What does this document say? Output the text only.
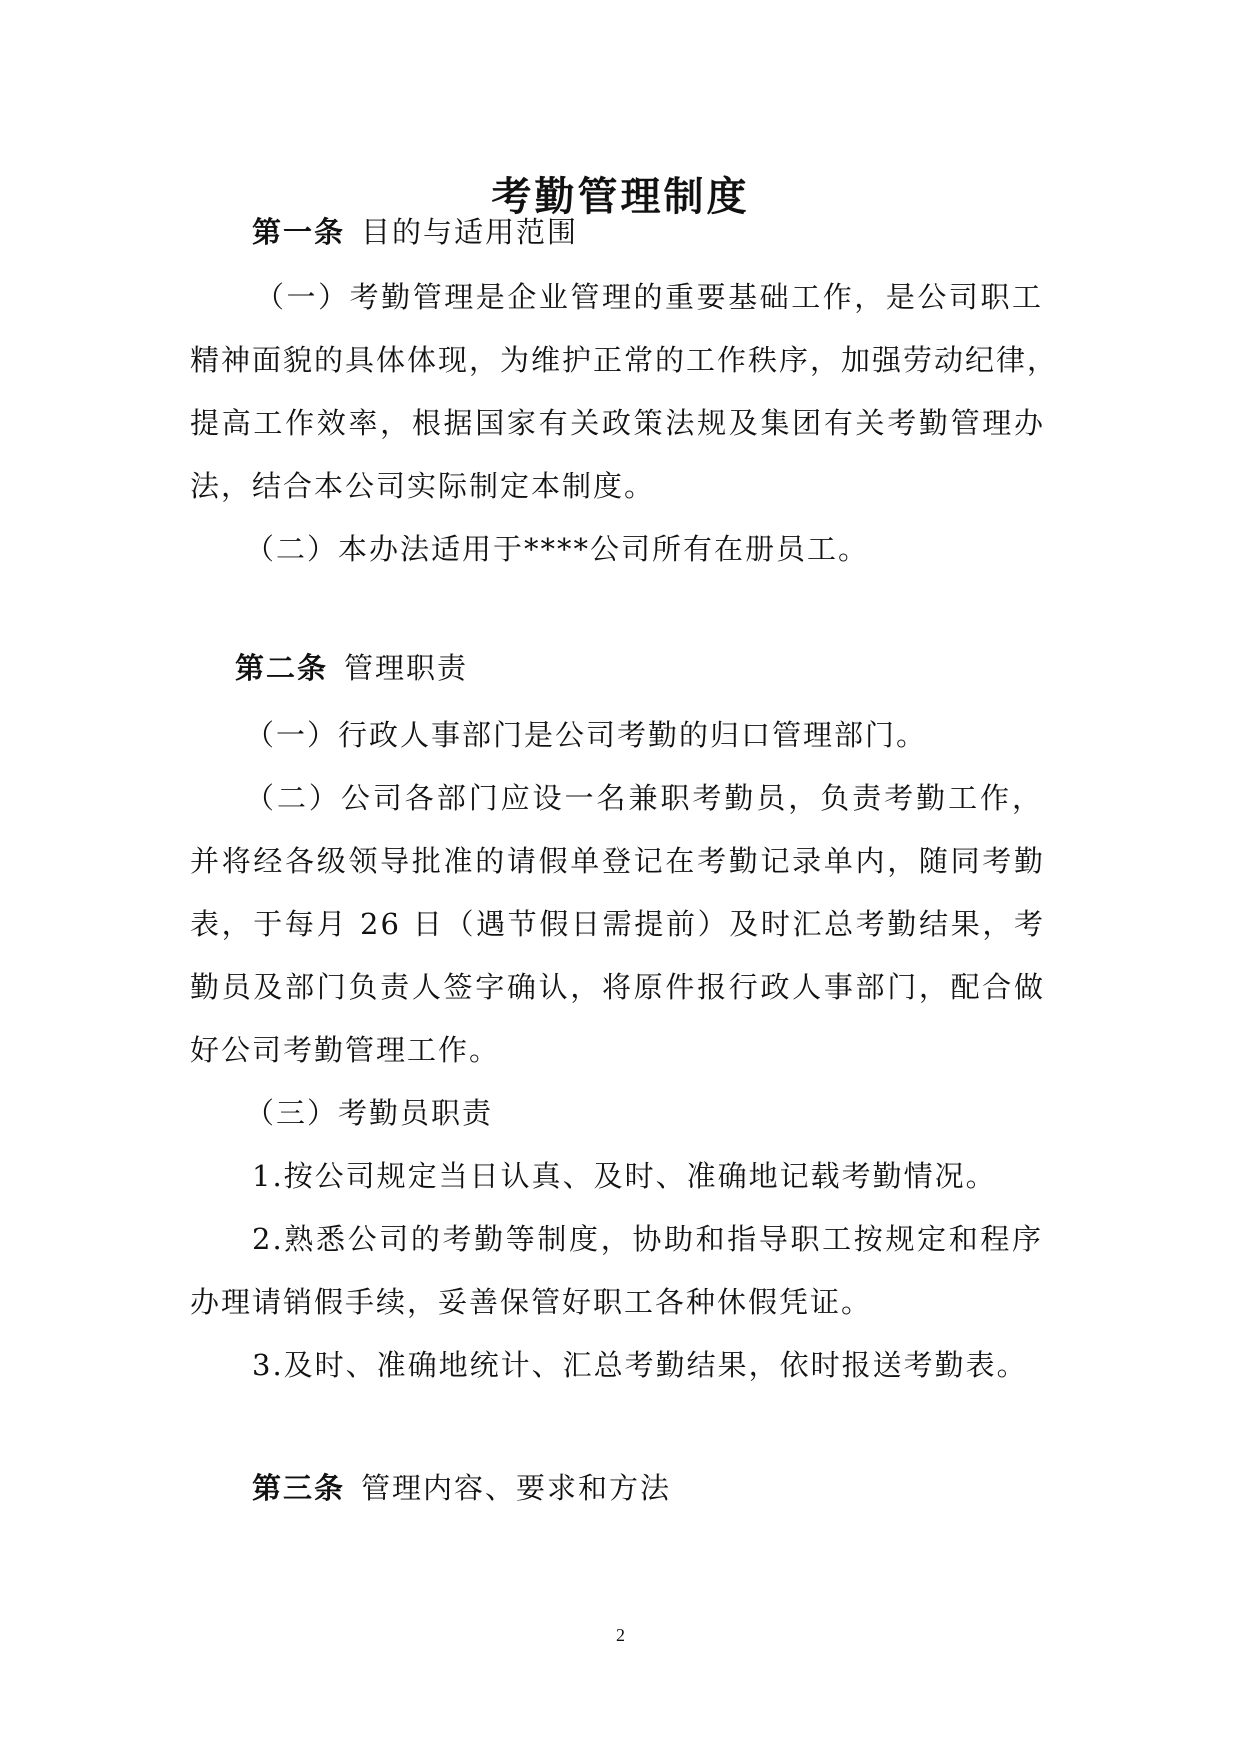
考勤管理制度
第一条 目的与适用范围
（一）考勤管理是企业管理的重要基础工作，是公司职工
精神面貌的具体体现，为维护正常的工作秩序，加强劳动纪律，
提高工作效率，根据国家有关政策法规及集团有关考勤管理办
法，结合本公司实际制定本制度。
（二）本办法适用于****公司所有在册员工。
第二条 管理职责
（一）行政人事部门是公司考勤的归口管理部门。
（二）公司各部门应设一名兼职考勤员，负责考勤工作，
并将经各级领导批准的请假单登记在考勤记录单内，随同考勤
表，于每月 26 日（遇节假日需提前）及时汇总考勤结果，考
勤员及部门负责人签字确认，将原件报行政人事部门，配合做
好公司考勤管理工作。
（三）考勤员职责
1.按公司规定当日认真、及时、准确地记载考勤情况。
2.熟悉公司的考勤等制度，协助和指导职工按规定和程序
办理请销假手续，妥善保管好职工各种休假凭证。
3.及时、准确地统计、汇总考勤结果，依时报送考勤表。
第三条 管理内容、要求和方法
2
